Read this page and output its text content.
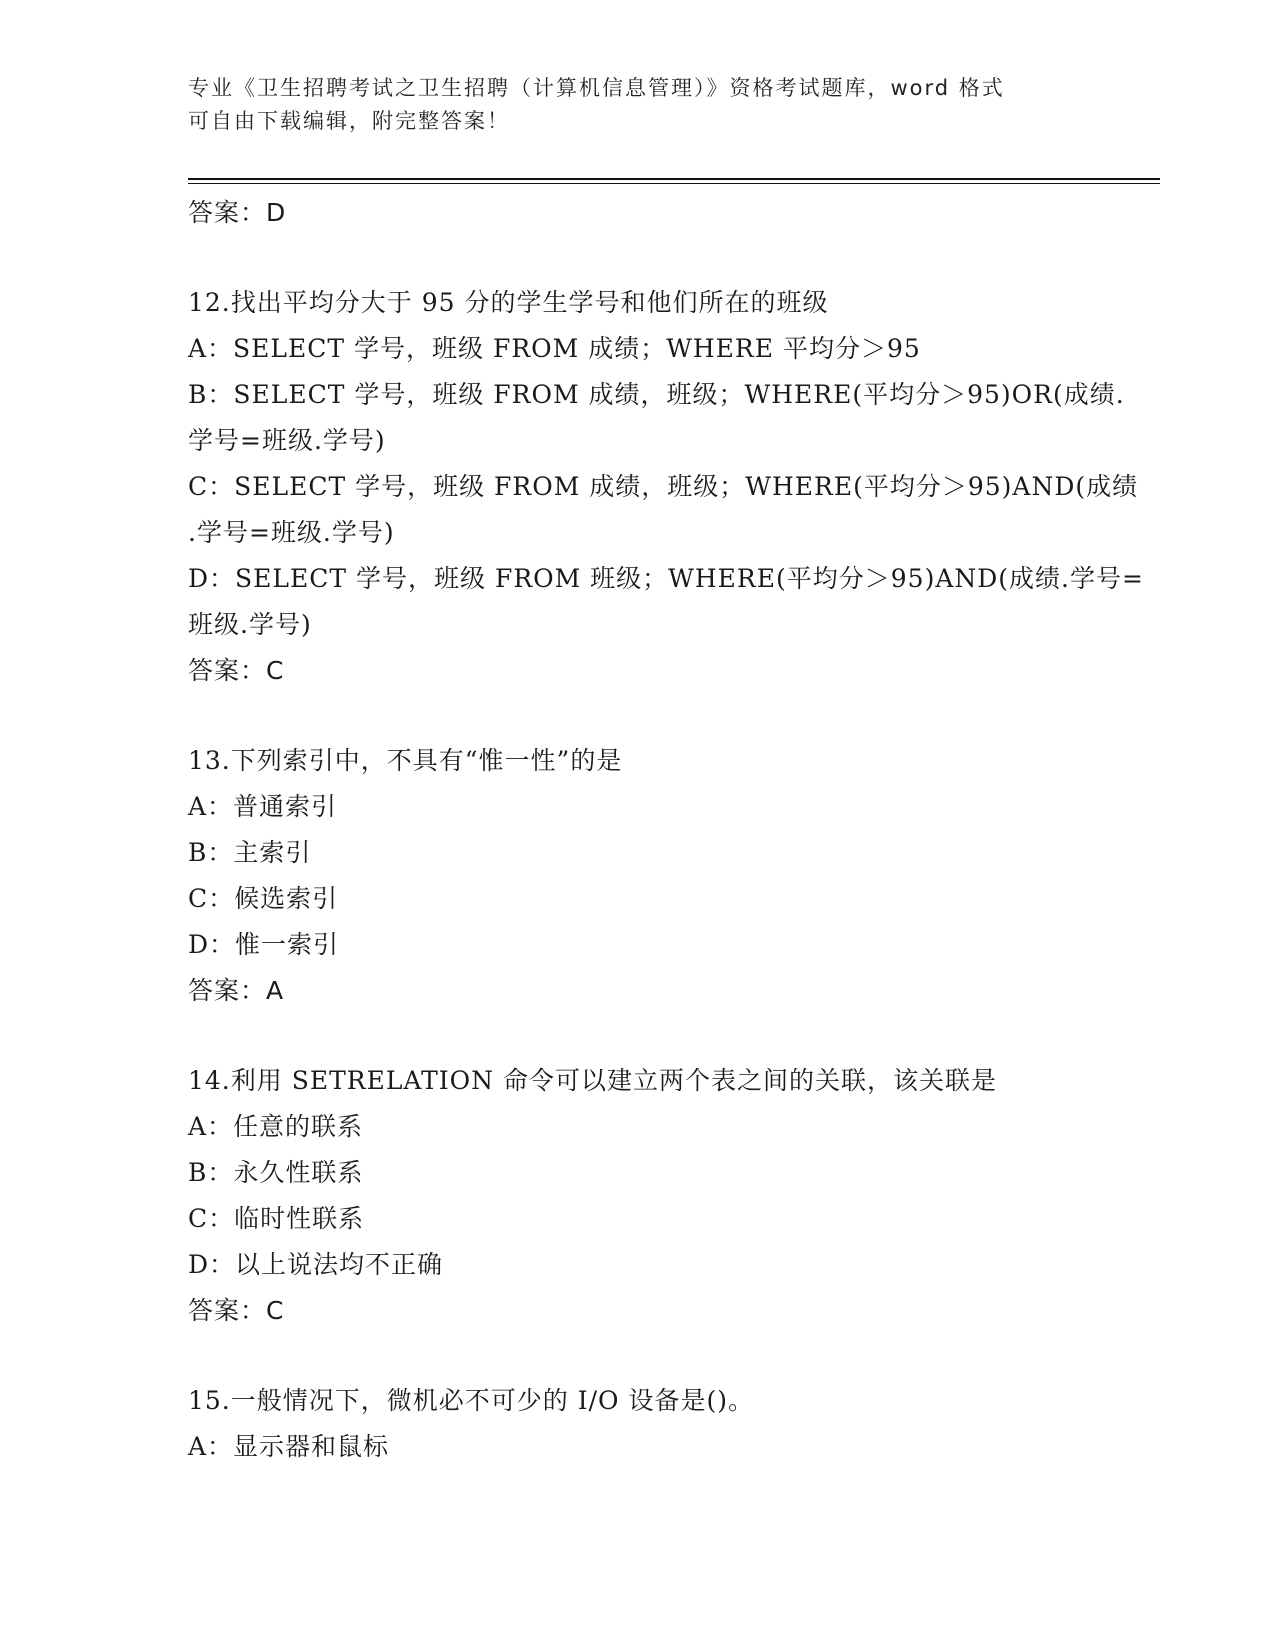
专业《卫生招聘考试之卫生招聘（计算机信息管理）》资格考试题库，word 格式
可自由下载编辑，附完整答案！
答案：D
12.找出平均分大于 95 分的学生学号和他们所在的班级
A：SELECT 学号，班级 FROM 成绩；WHERE 平均分＞95
B：SELECT 学号，班级 FROM 成绩，班级；WHERE(平均分＞95)OR(成绩.
学号=班级.学号)
C：SELECT 学号，班级 FROM 成绩，班级；WHERE(平均分＞95)AND(成绩
.学号=班级.学号)
D：SELECT 学号，班级 FROM 班级；WHERE(平均分＞95)AND(成绩.学号=
班级.学号)
答案：C
13.下列索引中，不具有“惟一性”的是
A：普通索引
B：主索引
C：候选索引
D：惟一索引
答案：A
14.利用 SETRELATION 命令可以建立两个表之间的关联，该关联是
A：任意的联系
B：永久性联系
C：临时性联系
D：以上说法均不正确
答案：C
15.一般情况下，微机必不可少的 I/O 设备是()。
A：显示器和鼠标
